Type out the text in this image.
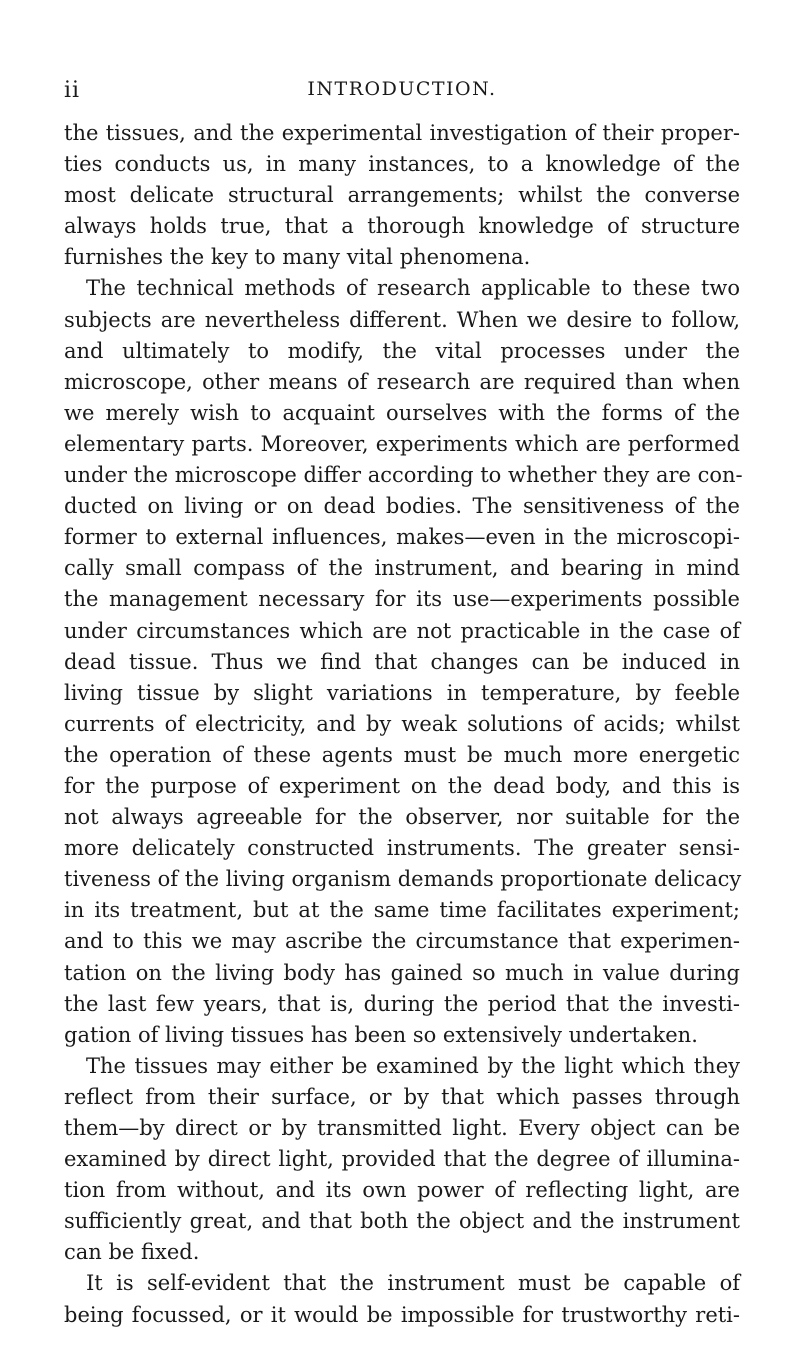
ii	INTRODUCTION.
the tissues, and the experimental investigation of their proper-
ties conducts us, in many instances, to a knowledge of the
most delicate structural arrangements; whilst the converse
always holds true, that a thorough knowledge of structure
furnishes the key to many vital phenomena.
The technical methods of research applicable to these two
subjects are nevertheless different. When we desire to follow,
and ultimately to modify, the vital processes under the
microscope, other means of research are required than when
we merely wish to acquaint ourselves with the forms of the
elementary parts. Moreover, experiments which are performed
under the microscope differ according to whether they are con-
ducted on living or on dead bodies. The sensitiveness of the
former to external influences, makes—even in the microscopi-
cally small compass of the instrument, and bearing in mind
the management necessary for its use—experiments possible
under circumstances which are not practicable in the case of
dead tissue. Thus we find that changes can be induced in
living tissue by slight variations in temperature, by feeble
currents of electricity, and by weak solutions of acids; whilst
the operation of these agents must be much more energetic
for the purpose of experiment on the dead body, and this is
not always agreeable for the observer, nor suitable for the
more delicately constructed instruments. The greater sensi-
tiveness of the living organism demands proportionate delicacy
in its treatment, but at the same time facilitates experiment;
and to this we may ascribe the circumstance that experimen-
tation on the living body has gained so much in value during
the last few years, that is, during the period that the investi-
gation of living tissues has been so extensively undertaken.
The tissues may either be examined by the light which they
reflect from their surface, or by that which passes through
them—by direct or by transmitted light. Every object can be
examined by direct light, provided that the degree of illumina-
tion from without, and its own power of reflecting light, are
sufficiently great, and that both the object and the instrument
can be fixed.
It is self-evident that the instrument must be capable of
being focussed, or it would be impossible for trustworthy reti-
